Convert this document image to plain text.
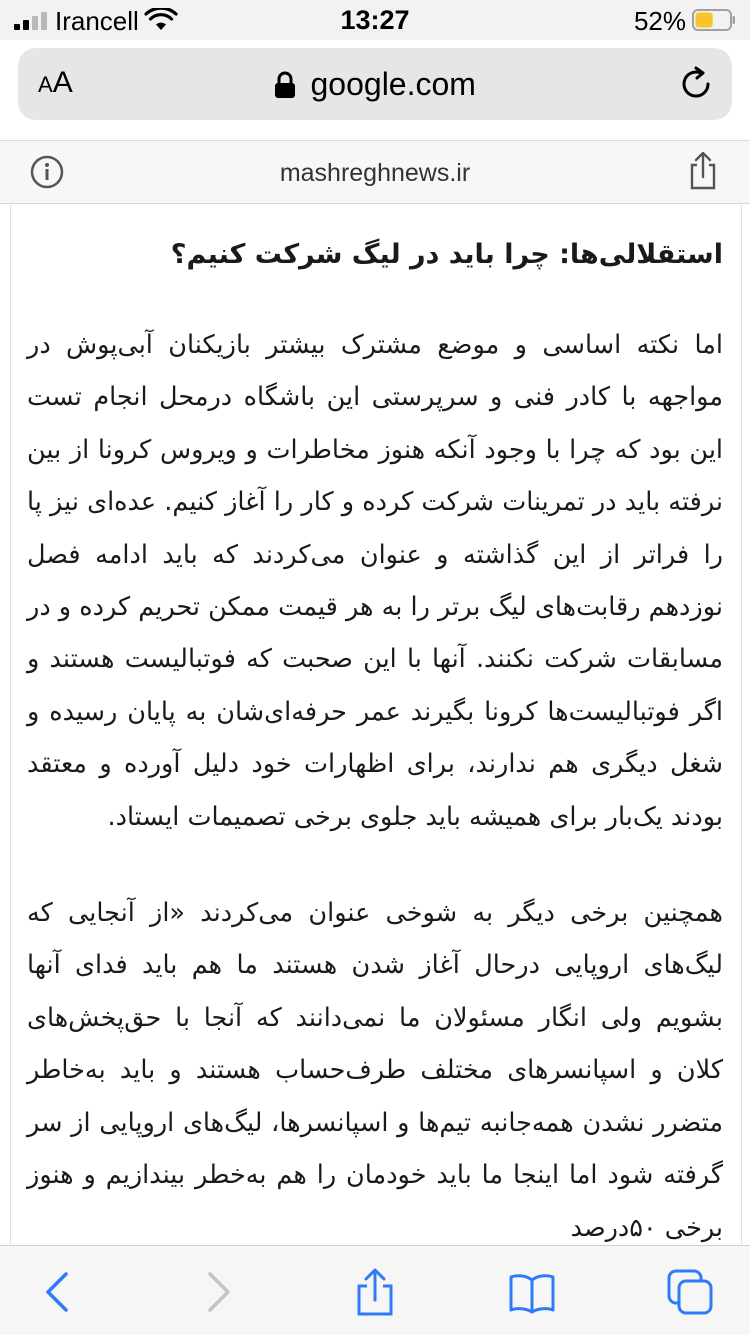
Irancell	13:27	52%
AA	google.com
mashreghnews.ir
استقلالی‌ها: چرا باید در لیگ شرکت کنیم؟

اما نکته اساسی و موضع مشترک بیشتر بازیکنان آبی‌پوش در مواجهه با کادر فنی و سرپرستی این باشگاه درمحل انجام تست این بود که چرا با وجود آنکه هنوز مخاطرات و ویروس کرونا از بین نرفته باید در تمرینات شرکت کرده و کار را آغاز کنیم. عده‌ای نیز پا را فراتر از این گذاشته و عنوان می‌کردند که باید ادامه فصل نوزدهم رقابت‌های لیگ برتر را به هر قیمت ممکن تحریم کرده و در مسابقات شرکت نکنند. آنها با این صحبت که فوتبالیست هستند و اگر فوتبالیست‌ها کرونا بگیرند عمر حرفه‌ای‌شان به پایان رسیده و شغل دیگری هم ندارند، برای اظهارات خود دلیل آورده و معتقد بودند یک‌بار برای همیشه باید جلوی برخی تصمیمات ایستاد.

همچنین برخی دیگر به شوخی عنوان می‌کردند «از آنجایی که لیگ‌های اروپایی درحال آغاز شدن هستند ما هم باید فدای آنها بشویم ولی انگار مسئولان ما نمی‌دانند که آنجا با حق‌پخش‌های کلان و اسپانسرهای مختلف طرف‌حساب هستند و باید به‌خاطر متضرر نشدن همه‌جانبه تیم‌ها و اسپانسرها، لیگ‌های اروپایی از سر گرفته شود اما اینجا ما باید خودمان را هم به‌خطر بیندازیم و هنوز برخی ۵۰درصد
